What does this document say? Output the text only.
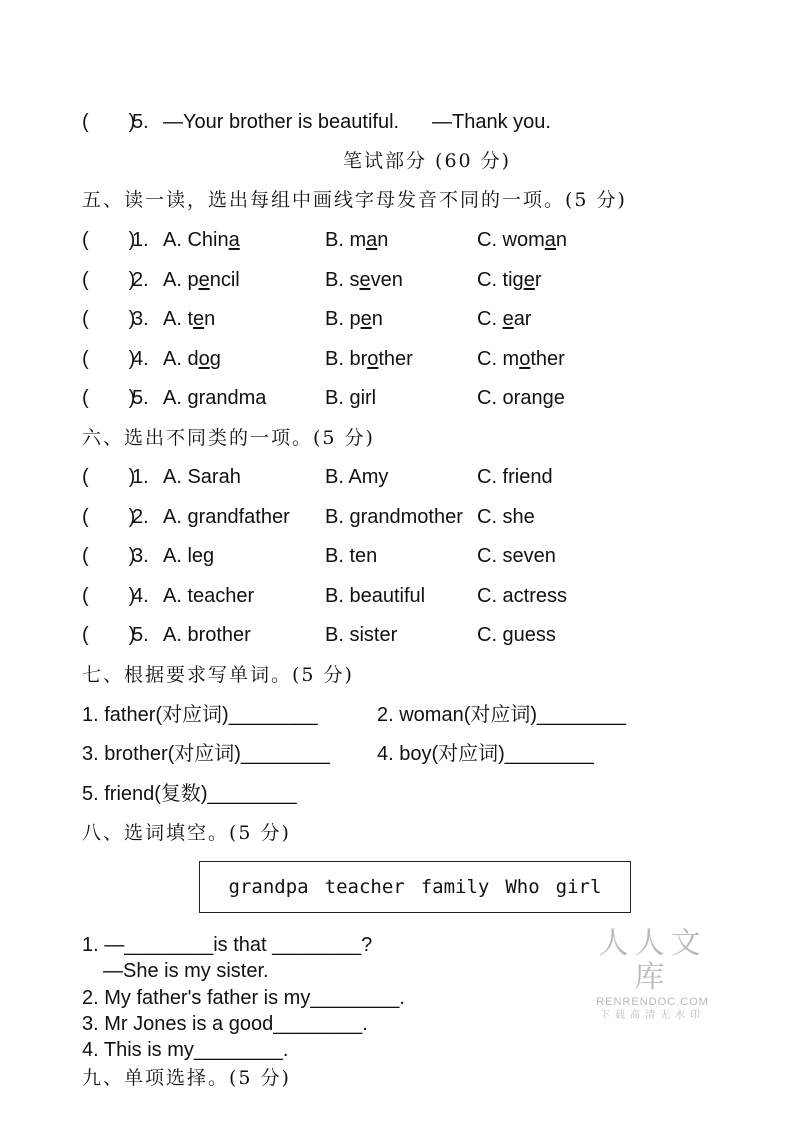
(　　)
5. —Your brother is beautiful. —Thank you.
笔试部分 (60 分)
五、读一读，选出每组中画线字母发音不同的一项。(5 分)
(　　)
1. A. China	B. man	C. woman
(　　)
2. A. pencil	B. seven	C. tiger
(　　)
3. A. ten	B. pen	C. ear
(　　)
4. A. dog	B. brother	C. mother
(　　)
5. A. grandma	B. girl	C. orange
六、选出不同类的一项。(5 分)
(　　)
1. A. Sarah	B. Amy	C. friend
(　　)
2. A. grandfather B. grandmother C. she
(　　)
3. A. leg	B. ten	C. seven
(　　)
4. A. teacher	B. beautiful	C. actress
(　　)
5. A. brother	B. sister	C. guess
七、根据要求写单词。(5 分)
1. father(对应词)________	2. woman(对应词)________
3. brother(对应词)________ 4. boy(对应词)________
5. friend(复数)________
八、选词填空。(5 分)
grandpa teacher family Who girl
1. —________is that ________?
—She is my sister.
2. My father's father is my________.
3. Mr Jones is a good________.
4. This is my________.
九、单项选择。(5 分)
人人文库
RENRENDOC.COM
下载高清无水印
